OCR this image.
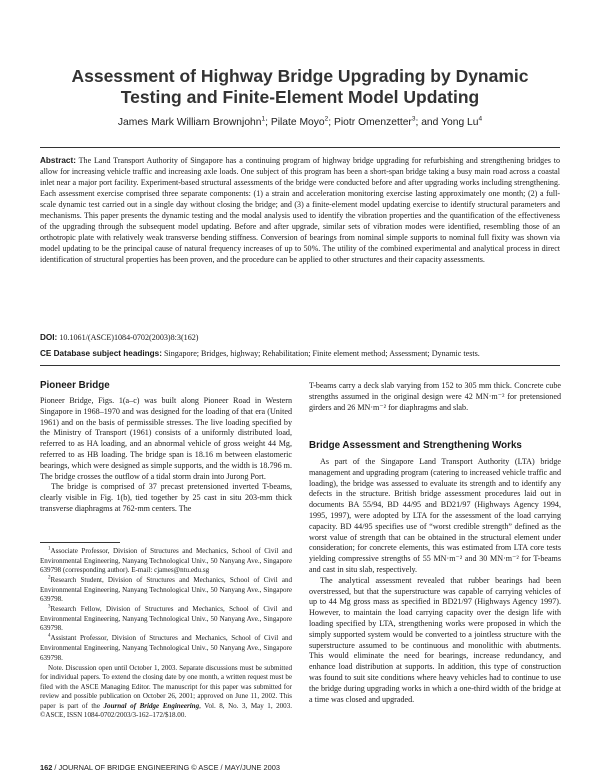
Assessment of Highway Bridge Upgrading by Dynamic Testing and Finite-Element Model Updating
James Mark William Brownjohn$^1$; Pilate Moyo$^2$; Piotr Omenzetter$^3$; and Yong Lu$^4$
Abstract: The Land Transport Authority of Singapore has a continuing program of highway bridge upgrading for refurbishing and strengthening bridges to allow for increasing vehicle traffic and increasing axle loads. One subject of this program has been a short-span bridge taking a busy main road across a coastal inlet near a major port facility. Experiment-based structural assessments of the bridge were conducted before and after upgrading works including strengthening. Each assessment exercise comprised three separate components: (1) a strain and acceleration monitoring exercise lasting approximately one month; (2) a full-scale dynamic test carried out in a single day without closing the bridge; and (3) a finite-element model updating exercise to identify structural parameters and mechanisms. This paper presents the dynamic testing and the modal analysis used to identify the vibration properties and the quantification of the effectiveness of the upgrading through the subsequent model updating. Before and after upgrade, similar sets of vibration modes were identified, resembling those of an orthotropic plate with relatively weak transverse bending stiffness. Conversion of bearings from nominal simple supports to nominal full fixity was shown via model updating to be the principal cause of natural frequency increases of up to 50%. The utility of the combined experimental and analytical process in direct identification of structural properties has been proven, and the procedure can be applied to other structures and their capacity assessments.
DOI: 10.1061/(ASCE)1084-0702(2003)8:3(162)
CE Database subject headings: Singapore; Bridges, highway; Rehabilitation; Finite element method; Assessment; Dynamic tests.
Pioneer Bridge

Pioneer Bridge, Figs. 1(a–c) was built along Pioneer Road in Western Singapore in 1968–1970 and was designed for the loading of that era (United 1961) and on the basis of permissible stresses. The live loading specified by the Ministry of Transport (1961) consists of a uniformly distributed load, referred to as HA loading, and an abnormal vehicle of gross weight 44 Mg, referred to as HB loading. The bridge span is 18.16 m between elastomeric bearings, which were designed as simple supports, and the width is 18.796 m. The bridge crosses the outflow of a tidal storm drain into Jurong Port.

The bridge is comprised of 37 precast pretensioned inverted T-beams, clearly visible in Fig. 1(b), tied together by 25 cast in situ 203-mm thick transverse diaphragms at 762-mm centers. The

$^1$Associate Professor, Division of Structures and Mechanics, School of Civil and Environmental Engineering, Nanyang Technological Univ., 50 Nanyang Ave., Singapore 639798 (corresponding author). E-mail: cjames@ntu.edu.sg

$^2$Research Student, Division of Structures and Mechanics, School of Civil and Environmental Engineering, Nanyang Technological Univ., 50 Nanyang Ave., Singapore 639798.

$^3$Research Fellow, Division of Structures and Mechanics, School of Civil and Environmental Engineering, Nanyang Technological Univ., 50 Nanyang Ave., Singapore 639798.

$^4$Assistant Professor, Division of Structures and Mechanics, School of Civil and Environmental Engineering, Nanyang Technological Univ., 50 Nanyang Ave., Singapore 639798.

Note. Discussion open until October 1, 2003. Separate discussions must be submitted for individual papers. To extend the closing date by one month, a written request must be filed with the ASCE Managing Editor. The manuscript for this paper was submitted for review and possible publication on October 26, 2001; approved on June 11, 2002. This paper is part of the Journal of Bridge Engineering, Vol. 8, No. 3, May 1, 2003. ©ASCE, ISSN 1084-0702/2003/3-162–172/$18.00.

T-beams carry a deck slab varying from 152 to 305 mm thick. Concrete cube strengths assumed in the original design were 42 MN·m⁻² for pretensioned girders and 26 MN·m⁻² for diaphragms and slab.

Bridge Assessment and Strengthening Works

As part of the Singapore Land Transport Authority (LTA) bridge management and upgrading program (catering to increased vehicle traffic and loading), the bridge was assessed to evaluate its strength and to identify any defects in the structure. British bridge assessment procedures laid out in documents BA 55/94, BD 44/95 and BD21/97 (Highways Agency 1994, 1995, 1997), were adopted by LTA for the assessment of the load carrying capacity. BD 44/95 specifies use of “worst credible strength” defined as the worst value of strength that can be obtained in the structural element under consideration; for concrete elements, this was estimated from LTA core tests yielding compressive strengths of 55 MN·m⁻² and 30 MN·m⁻² for T-beams and cast in situ slab, respectively.

The analytical assessment revealed that rubber bearings had been overstressed, but that the superstructure was capable of carrying vehicles of up to 44 Mg gross mass as specified in BD21/97 (Highways Agency 1997). However, to maintain the load carrying capacity over the design life with loading specified by LTA, strengthening works were proposed in which the simply supported system would be converted to a jointless structure with the superstructure assumed to be continuous and monolithic with abutments. This would eliminate the need for bearings, increase redundancy, and enhance load distribution at supports. In addition, this type of construction was found to suit site conditions where heavy vehicles had to continue to use the bridge during upgrading works in which a one-third width of the bridge at a time was closed and upgraded.

162 / JOURNAL OF BRIDGE ENGINEERING © ASCE / MAY/JUNE 2003
